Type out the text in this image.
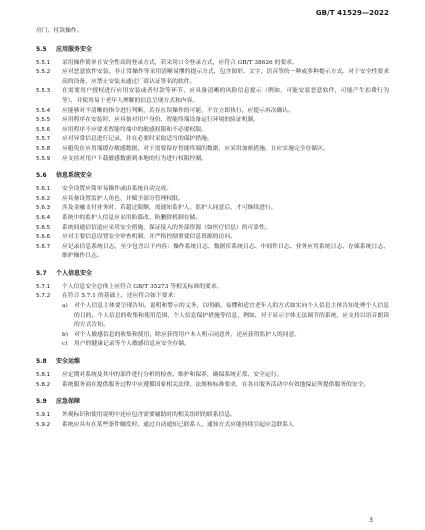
GB/T 41529—2022

房门、付款操作。

5.5 应用服务安全
5.5.1	采用操作简单且安全性高的登录方式，若采用口令登录方式，应符合 GB/T 38626 的要求。
5.5.2	应对恶意软件安装、非正常操作等采用清晰易懂的提示方式，包含图形、文字、语音等的一种或多种提示方式。对于安全性要求高的设备，应禁止安装未通过厂商认证签名的软件。
5.5.3	在需要用户授权进行应用安装或者付款等环节，应具备清晰的风险信息提示（例如，可能安装恶意软件，可能产生扣费行为等），并使用易于老年人理解的信息呈现方式和内容。
5.5.4	应能够对不清晰的指令进行判断，若存在误操作的可能，不宜立即执行，应提示再次确认。
5.5.5	应用程序在安装时，应具备对用户身份、智能终端设备运行环境的验证机制。
5.5.6	应用程序不应要求智能终端中的敏感权限和不必要权限。
5.5.7	应对异常信息进行记录，并在必要时采取适当的保护措施。
5.5.8	应避免在应用端缓存敏感数据，对于需要留存智能终端的数据，应采用加密措施，且应实施完全存储区。
5.5.9	应支持对用户下载敏感数据到本地的行为进行权限控制。
5.6 信息系统安全
5.6.1	安全设置应简单易操作或由系统自动完成。
5.6.2	应具备设置监护人角色，并赋予部分管理权限。
5.6.3	涉及金融支付业务时，若超过限额，需通知监护人。监护人同意后，才可继续进行。
5.6.4	系统中的监护人信息应采用防篡改、防删除机制存储。
5.6.5	系统间通信信道应采用安全措施，保证接入的外部资源（如医疗信息）的可靠性。
5.6.6	应对主要信息设置安全审查机制，并严格控制重要信息资源的访问。
5.6.7	应记录信息系统日志，至少包含以下内容：操作系统日志、数据库系统日志、中间件日志、业务应用系统日志、存储系统日志、维护操作日志。
5.7 个人信息安全
5.7.1	个人信息安全总体上应符合 GB/T 35273 等相关标准的要求。
5.7.2	在符合 5.7.1 的基础上，还应符合如下要求：
a)	对个人信息主体要呈现告知、说明和警示的义务，以明确、易懂和适宜老年人的方式如实向个人信息主体告知处理个人信息的目的、个人信息的收集和使用范围，个人信息保护措施等信息，例如，对于显示字体无法调节的系统，应支持以语音朗读的方式告知。
b)	对个人敏感信息的收集和使用，除应获得用户本人明示同意外，还应获得监护人的同意。
c)	用户的健康记录等个人敏感信息应安全存储。
5.8 安全运维
5.8.1	应定期对系统及其中的部件进行分析的检查、维护和保养，确保系统正常、安全运行。
5.8.2	系统服务商在提供服务过程中应遵循国家相关法律、法规和标准要求，在各自服务活动中有效地保证所提供服务的安全。
5.9 应急保障
5.9.1	外观标识和使用说明中还应包含需要辅助时的相关组织的联系信息。
5.9.2	系统应具有在某些条件触发时，通过自动通知已联系人、通知方式应能持续引起应急联系人
3
